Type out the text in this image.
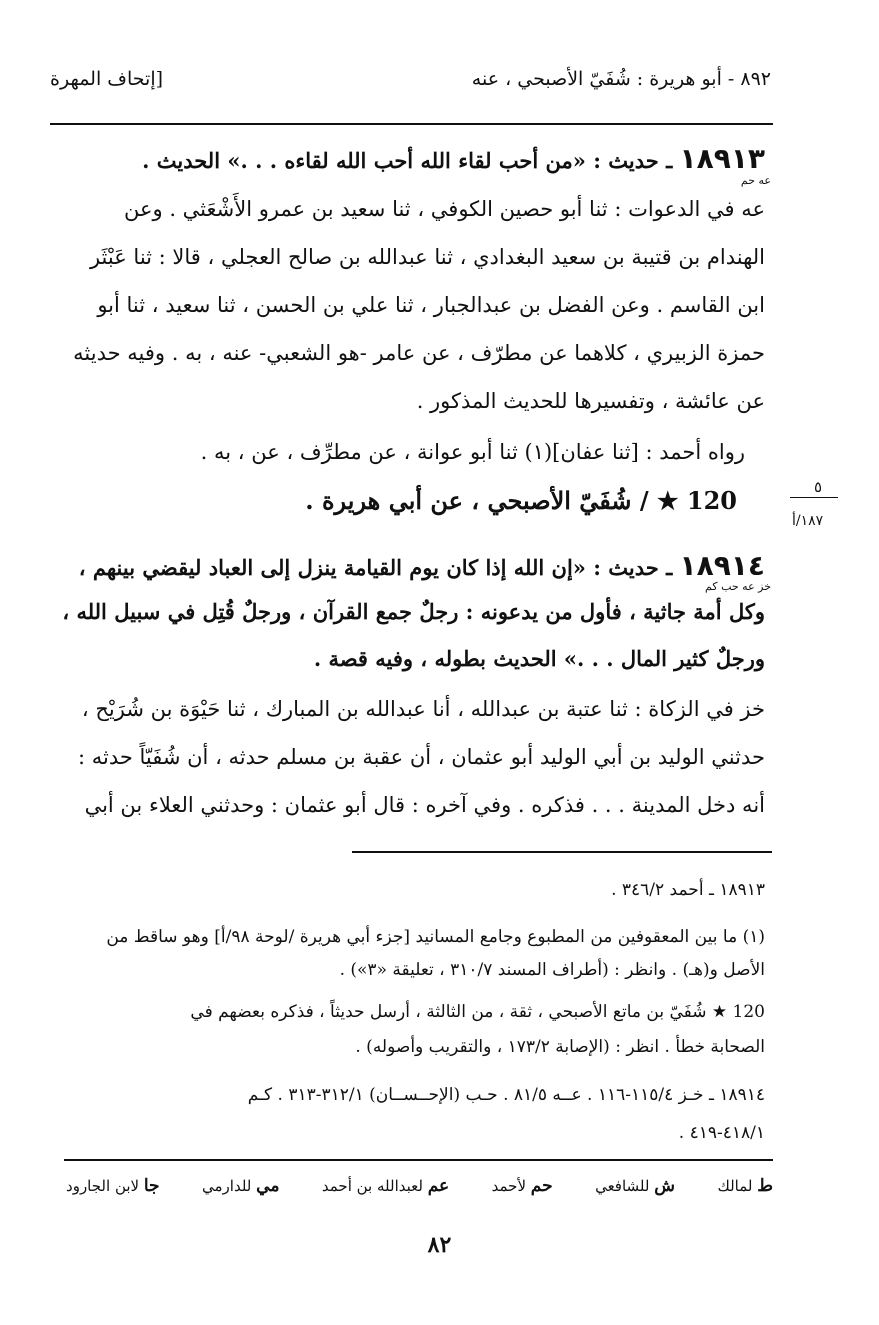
٨٩٢ - أبو هريرة : شُفَيّ الأصبحي ، عنه
[إتحاف المهرة
١٨٩١٣ ـ حديث : «من أحب لقاء الله أحب الله لقاءه . . .» الحديث .
عه حم
عه في الدعوات : ثنا أبو حصين الكوفي ، ثنا سعيد بن عمرو الأَشْعَثي . وعن
الهندام بن قتيبة بن سعيد البغدادي ، ثنا عبدالله بن صالح العجلي ، قالا : ثنا عَبْثَر
ابن القاسم . وعن الفضل بن عبدالجبار ، ثنا علي بن الحسن ، ثنا سعيد ، ثنا أبو
حمزة الزبيري ، كلاهما عن مطرّف ، عن عامر -هو الشعبي- عنه ، به . وفيه حديثه
عن عائشة ، وتفسيرها للحديث المذكور .
رواه أحمد : [ثنا عفان](١) ثنا أبو عوانة ، عن مطرِّف ، عن ، به .
120 ★ / شُفَيّ الأصبحي ، عن أبي هريرة .	٥
١٨٧/أ
١٨٩١٤ ـ حديث : «إن الله إذا كان يوم القيامة ينزل إلى العباد ليقضي بينهم ،
خز عه حب كم
وكل أمة جاثية ، فأول من يدعونه : رجلٌ جمع القرآن ، ورجلٌ قُتِل في سبيل الله ،
ورجلٌ كثير المال . . .» الحديث بطوله ، وفيه قصة .
خز في الزكاة : ثنا عتبة بن عبدالله ، أنا عبدالله بن المبارك ، ثنا حَيْوَة بن شُرَيْح ،
حدثني الوليد بن أبي الوليد أبو عثمان ، أن عقبة بن مسلم حدثه ، أن شُفَيّاً حدثه :
أنه دخل المدينة . . . فذكره . وفي آخره : قال أبو عثمان : وحدثني العلاء بن أبي
١٨٩١٣ ـ أحمد ٣٤٦/٢ .
(١) ما بين المعقوفين من المطبوع وجامع المسانيد [جزء أبي هريرة /لوحة ٩٨/أ] وهو ساقط من
الأصل و(هـ) . وانظر : (أطراف المسند ٣١٠/٧ ، تعليقة «٣») .
120 ★ شُفَيّ بن ماتع الأصبحي ، ثقة ، من الثالثة ، أرسل حديثاً ، فذكره بعضهم في
الصحابة خطأ . انظر : (الإصابة ١٧٣/٢ ، والتقريب وأصوله) .
١٨٩١٤ ـ خـز ١١٥/٤-١١٦ . عــه ٨١/٥ . حـب (الإحــســان) ٣١٢/١-٣١٣ . كـم
٤١٨/١-٤١٩ .
ط لمالك
ش للشافعي
حم لأحمد
عم لعبدالله بن أحمد
مي للدارمي
جا لابن الجارود
٨٢
